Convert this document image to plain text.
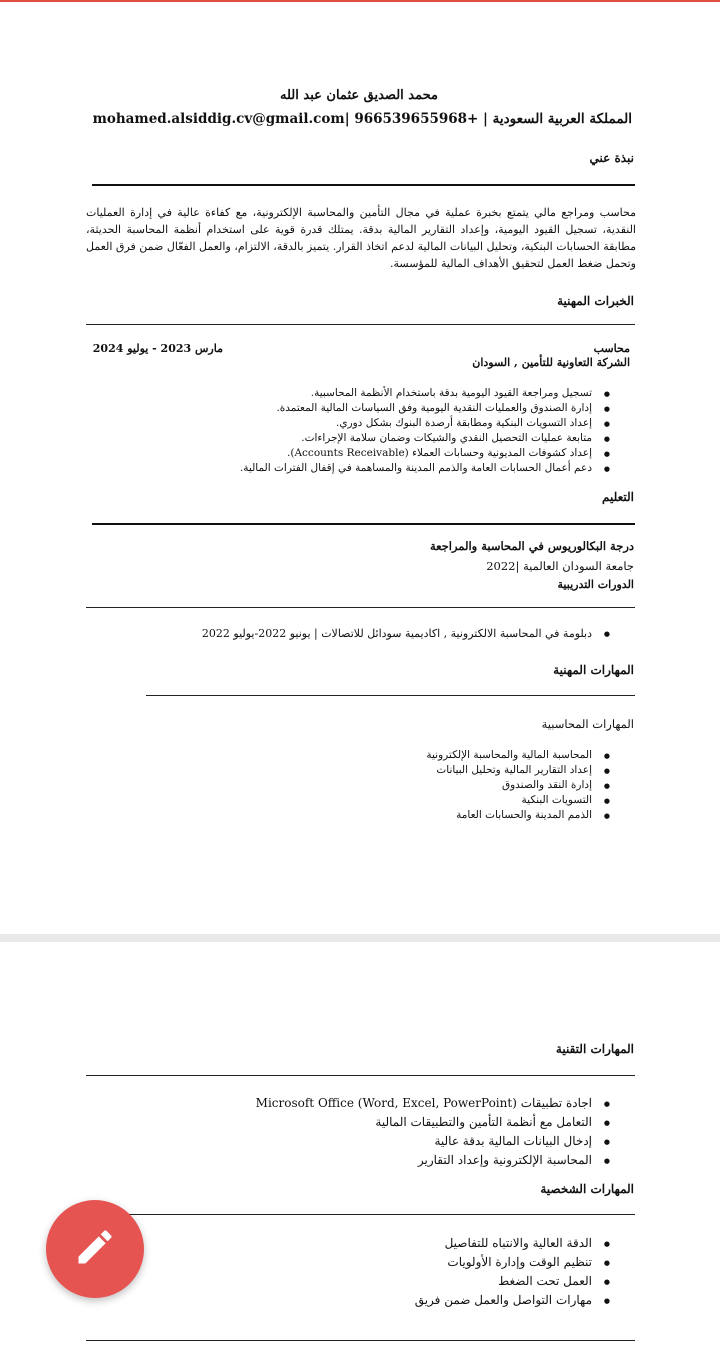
محمد الصديق عثمان عبد الله
المملكة العربية السعودية | +966539655968 |mohamed.alsiddig.cv@gmail.com
نبذة عني
محاسب ومراجع مالي يتمتع بخبرة عملية في مجال التأمين والمحاسبة الإلكترونية، مع كفاءة عالية في إدارة العمليات النقدية، تسجيل القيود اليومية، وإعداد التقارير المالية بدقة. يمتلك قدرة قوية على استخدام أنظمة المحاسبة الحديثة، مطابقة الحسابات البنكية، وتحليل البيانات المالية لدعم اتخاذ القرار. يتميز بالدقة، الالتزام، والعمل الفعّال ضمن فرق العمل وتحمل ضغط العمل لتحقيق الأهداف المالية للمؤسسة.
الخبرات المهنية
محاسب
الشركة التعاونية للتأمين , السودان
مارس 2023 - يوليو 2024
● تسجيل ومراجعة القيود اليومية بدقة باستخدام الأنظمة المحاسبية.
● إدارة الصندوق والعمليات النقدية اليومية وفق السياسات المالية المعتمدة.
● إعداد التسويات البنكية ومطابقة أرصدة البنوك بشكل دوري.
● متابعة عمليات التحصيل النقدي والشيكات وضمان سلامة الإجراءات.
● إعداد كشوفات المديونية وحسابات العملاء (Accounts Receivable).
● دعم أعمال الحسابات العامة والذمم المدينة والمساهمة في إقفال الفترات المالية.
التعليم
درجة البكالوريوس في المحاسبة والمراجعة
جامعة السودان العالمية |2022
الدورات التدريبية
● دبلومة في المحاسبة الالكترونية , اكاديمية سودائل للاتصالات | يونيو 2022-يوليو 2022
المهارات المهنية
المهارات المحاسبية
● المحاسبة المالية والمحاسبة الإلكترونية
● إعداد التقارير المالية وتحليل البيانات
● إدارة النقد والصندوق
● التسويات البنكية
● الذمم المدينة والحسابات العامة
المهارات التقنية
● اجادة تطبيقات Microsoft Office (Word, Excel, PowerPoint)
● التعامل مع أنظمة التأمين والتطبيقات المالية
● إدخال البيانات المالية بدقة عالية
● المحاسبة الإلكترونية وإعداد التقارير
المهارات الشخصية
● الدقة العالية والانتباه للتفاصيل
● تنظيم الوقت وإدارة الأولويات
● العمل تحت الضغط
● مهارات التواصل والعمل ضمن فريق
